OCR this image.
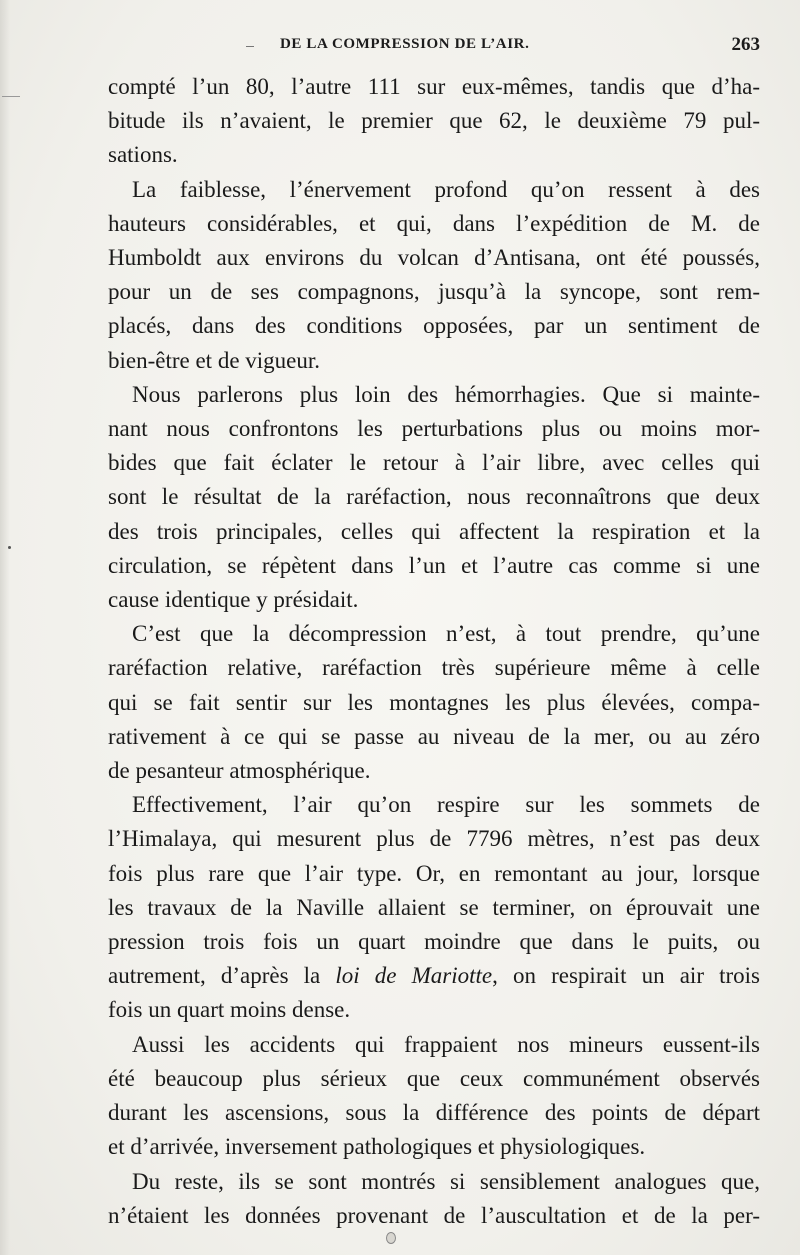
DE LA COMPRESSION DE L’AIR.	263

compté l’un 80, l’autre 111 sur eux-mêmes, tandis que d’ha-
bitude ils n’avaient, le premier que 62, le deuxième 79 pul-
sations.

La faiblesse, l’énervement profond qu’on ressent à des
hauteurs considérables, et qui, dans l’expédition de M. de
Humboldt aux environs du volcan d’Antisana, ont été poussés,
pour un de ses compagnons, jusqu’à la syncope, sont rem-
placés, dans des conditions opposées, par un sentiment de
bien-être et de vigueur.

Nous parlerons plus loin des hémorrhagies. Que si mainte-
nant nous confrontons les perturbations plus ou moins mor-
bides que fait éclater le retour à l’air libre, avec celles qui
sont le résultat de la raréfaction, nous reconnaîtrons que deux
des trois principales, celles qui affectent la respiration et la
circulation, se répètent dans l’un et l’autre cas comme si une
cause identique y présidait.

C’est que la décompression n’est, à tout prendre, qu’une
raréfaction relative, raréfaction très supérieure même à celle
qui se fait sentir sur les montagnes les plus élevées, compa-
rativement à ce qui se passe au niveau de la mer, ou au zéro
de pesanteur atmosphérique.

Effectivement, l’air qu’on respire sur les sommets de
l’Himalaya, qui mesurent plus de 7796 mètres, n’est pas deux
fois plus rare que l’air type. Or, en remontant au jour, lorsque
les travaux de la Naville allaient se terminer, on éprouvait une
pression trois fois un quart moindre que dans le puits, ou
autrement, d’après la loi de Mariotte, on respirait un air trois
fois un quart moins dense.

Aussi les accidents qui frappaient nos mineurs eussent-ils
été beaucoup plus sérieux que ceux communément observés
durant les ascensions, sous la différence des points de départ
et d’arrivée, inversement pathologiques et physiologiques.

Du reste, ils se sont montrés si sensiblement analogues que,
n’étaient les données provenant de l’auscultation et de la per-
